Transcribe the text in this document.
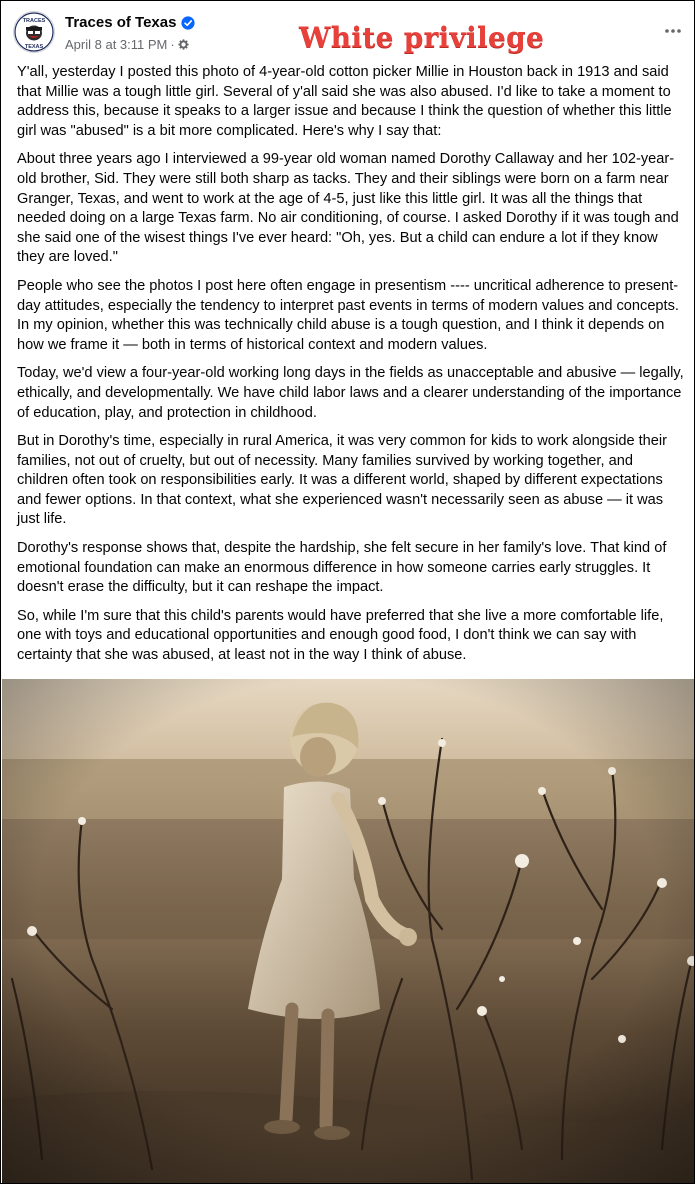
TRACES
TEXAS
Traces of Texas
April 8 at 3:11 PM ·	White privilege

Y'all, yesterday I posted this photo of 4-year-old cotton picker Millie in Houston back in 1913 and said that Millie was a tough little girl. Several of y'all said she was also abused. I'd like to take a moment to address this, because it speaks to a larger issue and because I think the question of whether this little girl was "abused" is a bit more complicated. Here's why I say that:

About three years ago I interviewed a 99-year old woman named Dorothy Callaway and her 102-year-old brother, Sid. They were still both sharp as tacks. They and their siblings were born on a farm near Granger, Texas, and went to work at the age of 4-5, just like this little girl. It was all the things that needed doing on a large Texas farm. No air conditioning, of course. I asked Dorothy if it was tough and she said one of the wisest things I've ever heard: "Oh, yes. But a child can endure a lot if they know they are loved."

People who see the photos I post here often engage in presentism ---- uncritical adherence to present-day attitudes, especially the tendency to interpret past events in terms of modern values and concepts. In my opinion, whether this was technically child abuse is a tough question, and I think it depends on how we frame it — both in terms of historical context and modern values.

Today, we'd view a four-year-old working long days in the fields as unacceptable and abusive — legally, ethically, and developmentally. We have child labor laws and a clearer understanding of the importance of education, play, and protection in childhood.

But in Dorothy's time, especially in rural America, it was very common for kids to work alongside their families, not out of cruelty, but out of necessity. Many families survived by working together, and children often took on responsibilities early. It was a different world, shaped by different expectations and fewer options. In that context, what she experienced wasn't necessarily seen as abuse — it was just life.

Dorothy's response shows that, despite the hardship, she felt secure in her family's love. That kind of emotional foundation can make an enormous difference in how someone carries early struggles. It doesn't erase the difficulty, but it can reshape the impact.

So, while I'm sure that this child's parents would have preferred that she live a more comfortable life, one with toys and educational opportunities and enough good food, I don't think we can say with certainty that she was abused, at least not in the way I think of abuse.
